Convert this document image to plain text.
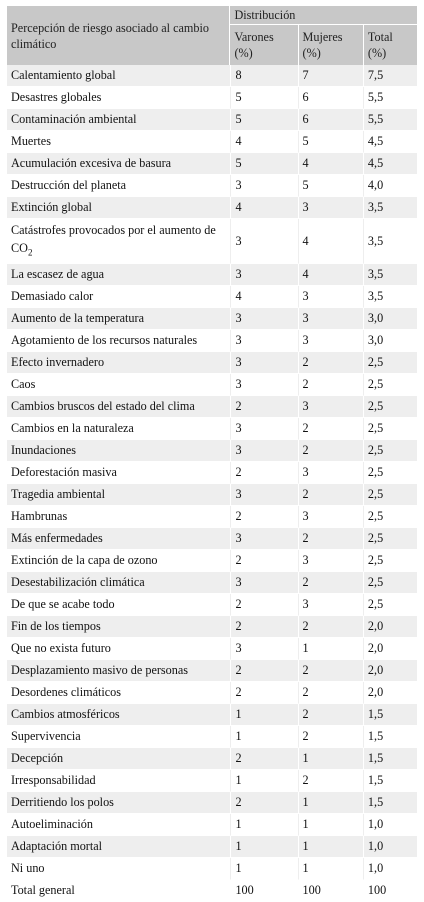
Percepción de riesgo asociado al cambio climático	Distribución		
	Varones (%)	Mujeres (%)	Total (%)
Calentamiento global	8	7	7,5
Desastres globales	5	6	5,5
Contaminación ambiental	5	6	5,5
Muertes	4	5	4,5
Acumulación excesiva de basura	5	4	4,5
Destrucción del planeta	3	5	4,0
Extinción global	4	3	3,5
Catástrofes provocados por el aumento de $CO_2$	3	4	3,5
La escasez de agua	3	4	3,5
Demasiado calor	4	3	3,5
Aumento de la temperatura	3	3	3,0
Agotamiento de los recursos naturales	3	3	3,0
Efecto invernadero	3	2	2,5
Caos	3	2	2,5
Cambios bruscos del estado del clima	2	3	2,5
Cambios en la naturaleza	3	2	2,5
Inundaciones	3	2	2,5
Deforestación masiva	2	3	2,5
Tragedia ambiental	3	2	2,5
Hambrunas	2	3	2,5
Más enfermedades	3	2	2,5
Extinción de la capa de ozono	2	3	2,5
Desestabilización climática	3	2	2,5
De que se acabe todo	2	3	2,5
Fin de los tiempos	2	2	2,0
Que no exista futuro	3	1	2,0
Desplazamiento masivo de personas	2	2	2,0
Desordenes climáticos	2	2	2,0
Cambios atmosféricos	1	2	1,5
Supervivencia	1	2	1,5
Decepción	2	1	1,5
Irresponsabilidad	1	2	1,5
Derritiendo los polos	2	1	1,5
Autoeliminación	1	1	1,0
Adaptación mortal	1	1	1,0
Ni uno	1	1	1,0
Total general	100	100	100
